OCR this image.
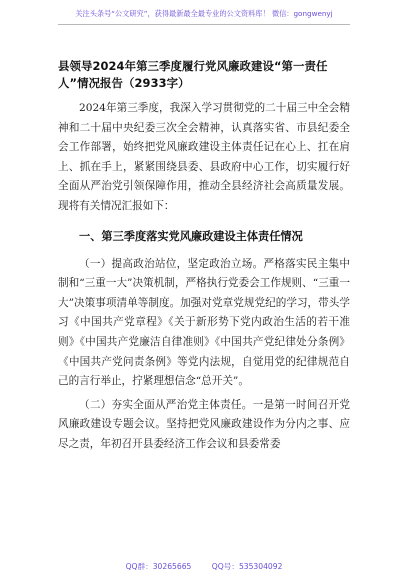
关注头条号“公文研究”，获得最新最全最专业的公文资料库！ 微信：gongwenyj
县领导2024年第三季度履行党风廉政建设“第一责任人”情况报告（2933字）

2024年第三季度，我深入学习贯彻党的二十届三中全会精神和二十届中央纪委三次全会精神，认真落实省、市县纪委全会工作部署，始终把党风廉政建设主体责任记在心上、扛在肩上、抓在手上，紧紧围绕县委、县政府中心工作，切实履行好全面从严治党引领保障作用，推动全县经济社会高质量发展。现将有关情况汇报如下：

一、第三季度落实党风廉政建设主体责任情况

（一）提高政治站位，坚定政治立场。严格落实民主集中制和“三重一大”决策机制，严格执行党委会工作规则、“三重一大”决策事项清单等制度。加强对党章党规党纪的学习，带头学习《中国共产党章程》《关于新形势下党内政治生活的若干准则》《中国共产党廉洁自律准则》《中国共产党纪律处分条例》《中国共产党问责条例》等党内法规，自觉用党的纪律规范自己的言行举止，拧紧理想信念“总开关”。

（二）夯实全面从严治党主体责任。一是第一时间召开党风廉政建设专题会议。坚持把党风廉政建设作为分内之事、应尽之责，年初召开县委经济工作会议和县委常委

QQ群：30265665	QQ号：535304092
